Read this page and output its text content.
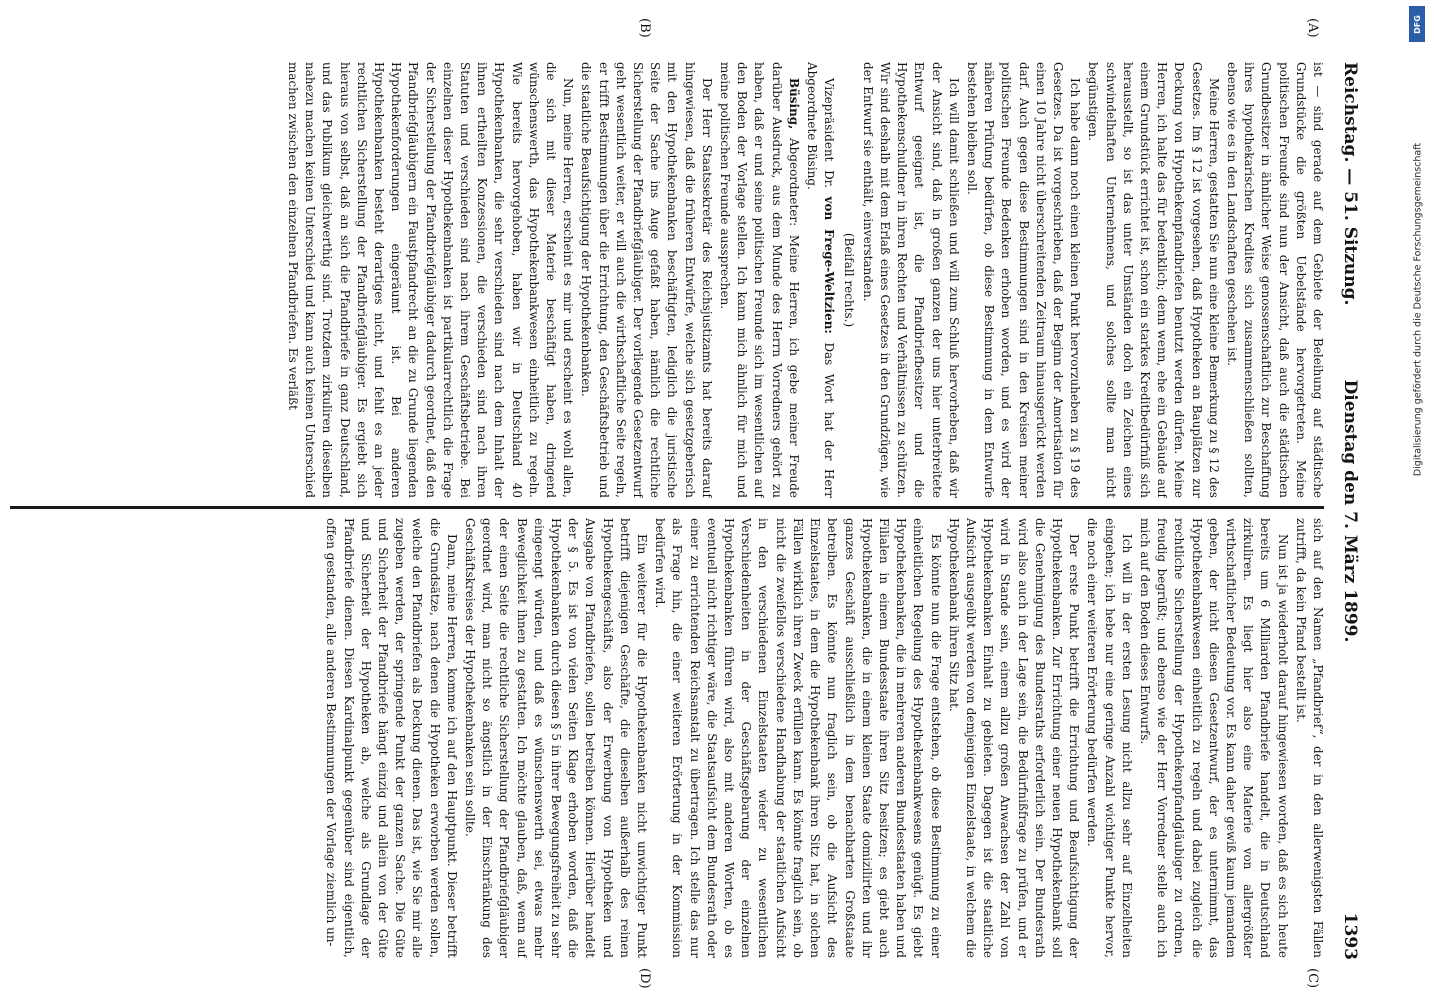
Reichstag. — 51. Sitzung.
Dienstag den 7. März 1899.
1393
(A)
(B)
(C)
(D)

ist — sind gerade auf dem Gebiete der Beleihung auf städtische Grundstücke die größten Uebelstände hervorgetreten. Meine politischen Freunde sind nun der Ansicht, daß auch die städtischen Grundbesitzer in ähnlicher Weise genossenschaftlich zur Beschaffung ihres hypothekarischen Kredites sich zusammenschließen sollten, ebenso wie es in den Landschaften geschehen ist.

Meine Herren, gestatten Sie nun eine kleine Bemerkung zu § 12 des Gesetzes. Im § 12 ist vorgesehen, daß Hypotheken an Bauplätzen zur Deckung von Hypothekenpfandbriefen benutzt werden dürfen. Meine Herren, ich halte das für bedenklich; denn wenn, ehe ein Gebäude auf einem Grundstück errichtet ist, schon ein starkes Kreditbedürfniß sich herausstellt, so ist das unter Umständen doch ein Zeichen eines schwindelhaften Unternehmens, und solches sollte man nicht begünstigen.

Ich habe dann noch einen kleinen Punkt hervorzuheben zu § 19 des Gesetzes. Da ist vorgeschrieben, daß der Beginn der Amortisation für einen 10 Jahre nicht überschreitenden Zeitraum hinausgerückt werden darf. Auch gegen diese Bestimmungen sind in den Kreisen meiner politischen Freunde Bedenken erhoben worden, und es wird der näheren Prüfung bedürfen, ob diese Bestimmung in dem Entwurfe bestehen bleiben soll.

Ich will damit schließen und will zum Schluß hervorheben, daß wir der Ansicht sind, daß in großen ganzen der uns hier unterbreitete Entwurf geeignet ist, die Pfandbriefbesitzer und die Hypothekenschuldner in ihren Rechten und Verhältnissen zu schützen. Wir sind deshalb mit dem Erlaß eines Gesetzes in den Grundzügen, wie der Entwurf sie enthält, einverstanden.

(Beifall rechts.)

Vizepräsident Dr. von Frege-Weltzien: Das Wort hat der Herr Abgeordnete Büsing.

Büsing, Abgeordneter: Meine Herren, ich gebe meiner Freude darüber Ausdruck, aus dem Munde des Herrn Vorredners gehört zu haben, daß er und seine politischen Freunde sich im wesentlichen auf den Boden der Vorlage stellen. Ich kann mich ähnlich für mich und meine politischen Freunde aussprechen.

Der Herr Staatssekretär des Reichsjustizamts hat bereits darauf hingewiesen, daß die früheren Entwürfe, welche sich gesetzgeberisch mit den Hypothekenbanken beschäftigten, lediglich die juristische Seite der Sache ins Auge gefaßt haben, nämlich die rechtliche Sicherstellung der Pfandbriefgläubiger. Der vorliegende Gesetzentwurf geht wesentlich weiter, er will auch die wirthschaftliche Seite regeln, er trifft Bestimmungen über die Errichtung, den Geschäftsbetrieb und die staatliche Beaufsichtigung der Hypothekenbanken.

Nun, meine Herren, erscheint es mir und erscheint es wohl allen, die sich mit dieser Materie beschäftigt haben, dringend wünschenswerth, das Hypothekenbankwesen einheitlich zu regeln. Wie bereits hervorgehoben, haben wir in Deutschland 40 Hypothekenbanken, die sehr verschieden sind nach dem Inhalt der ihnen ertheilten Konzessionen, die verschieden sind nach ihren Statuten und verschieden sind nach ihrem Geschäftsbetriebe. Bei einzelnen dieser Hypothekenbanken ist partikularrechtlich die Frage der Sicherstellung der Pfandbriefgläubiger dadurch geordnet, daß den Pfandbriefgläubigern ein Faustpfandrecht an die zu Grunde liegenden Hypothekenforderungen eingeräumt ist. Bei anderen Hypothekenbanken besteht derartiges nicht, und fehlt es an jeder rechtlichen Sicherstellung der Pfandbriefgläubiger. Es ergiebt sich hieraus von selbst, daß an sich die Pfandbriefe in ganz Deutschland, und das Publikum gleichwerthig sind. Trotzdem zirkuliren dieselben nahezu machen keinen Unterschied und kann auch keinen Unterschied machen zwischen den einzelnen Pfandbriefen. Es verläßt

sich auf den Namen „Pfandbrief“, der in den allerwenigsten Fällen zutrifft, da kein Pfand bestellt ist.

Nun ist ja wiederholt darauf hingewiesen worden, daß es sich heute bereits um 6 Milliarden Pfandbriefe handelt, die in Deutschland zirkuliren. Es liegt hier also eine Materie von allergrößter wirthschaftlicher Bedeutung vor. Es kann daher gewiß kaum jemandem geben, der nicht diesen Gesetzentwurf, der es unternimmt, das Hypothekenbankwesen einheitlich zu regeln und dabei zugleich die rechtliche Sicherstellung der Hypothekenpfandgläubiger zu ordnen, freudig begrüßt; und ebenso wie der Herr Vorredner stelle auch ich mich auf den Boden dieses Entwurfs.

Ich will in der ersten Lesung nicht allzu sehr auf Einzelheiten eingehen; ich hebe nur eine geringe Anzahl wichtiger Punkte hervor, die noch einer weiteren Erörterung bedürfen werden.

Der erste Punkt betrifft die Errichtung und Beaufsichtigung der Hypothekenbanken. Zur Errichtung einer neuen Hypothekenbank soll die Genehmigung des Bundesraths erforderlich sein. Der Bundesrath wird also auch in der Lage sein, die Bedürfnißfrage zu prüfen, und er wird in Stande sein, einem allzu großen Anwachsen der Zahl von Hypothekenbanken Einhalt zu gebieten. Dagegen ist die staatliche Aufsicht ausgeübt werden von demjenigen Einzelstaate, in welchem die Hypothekenbank ihren Sitz hat.

Es könnte nun die Frage entstehen, ob diese Bestimmung zu einer einheitlichen Regelung des Hypothekenbankwesens genügt. Es giebt Hypothekenbanken, die in mehreren anderen Bundesstaaten haben und Filialen in einem Bundesstaate ihren Sitz besitzen; es giebt auch Hypothekenbanken, die in einem kleinen Staate domizilirten und ihr ganzes Geschäft ausschließlich in dem benachbarten Großstaate betreiben. Es könnte nun fraglich sein, ob die Aufsicht des Einzelstaates, in dem die Hypothekenbank ihren Sitz hat, in solchen Fällen wirklich ihren Zweck erfüllen kann. Es könnte fraglich sein, ob nicht die zweifellos verschiedene Handhabung der staatlichen Aufsicht in den verschiedenen Einzelstaaten wieder zu wesentlichen Verschiedenheiten in der Geschäftsgebarung der einzelnen Hypothekenbanken führen wird, also mit anderen Worten, ob es eventuell nicht richtiger wäre, die Staatsaufsicht dem Bundesrath oder einer zu errichtenden Reichsanstalt zu übertragen. Ich stelle das nur als Frage hin, die einer weiteren Erörterung in der Kommission bedürfen wird.

Ein weiterer für die Hypothekenbanken nicht unwichtiger Punkt betrifft diejenigen Geschäfte, die dieselben außerhalb des reinen Hypothekengeschäfts, also der Erwerbung von Hypotheken und Ausgabe von Pfandbriefen, sollen betreiben können. Hierüber handelt der § 5. Es ist von vielen Seiten Klage erhoben worden, daß die Hypothekenbanken durch diesen § 5 in ihrer Bewegungsfreiheit zu sehr eingeengt würden, und daß es wünschenswerth sei, etwas mehr Beweglichkeit ihnen zu gestatten. Ich möchte glauben, daß, wenn auf der einen Seite die rechtliche Sicherstellung der Pfandbriefgläubiger geordnet wird, man nicht so ängstlich in der Einschränkung des Geschäftskreises der Hypothekenbanken sein sollte.

Dann, meine Herren, komme ich auf den Hauptpunkt. Dieser betrifft die Grundsätze, nach denen die Hypotheken erworben werden sollen, welche den Pfandbriefen als Deckung dienen. Das ist, wie Sie mir alle zugeben werden, der springende Punkt der ganzen Sache. Die Güte und Sicherheit der Pfandbriefe hängt einzig und allein von der Güte und Sicherheit der Hypotheken ab, welche als Grundlage der Pfandbriefe dienen. Diesen Kardinalpunkt gegenüber sind eigentlich, offen gestanden, alle anderen Bestimmungen der Vorlage ziemlich un-

DFG
Digitalisierung gefördert durch die Deutsche Forschungsgemeinschaft
